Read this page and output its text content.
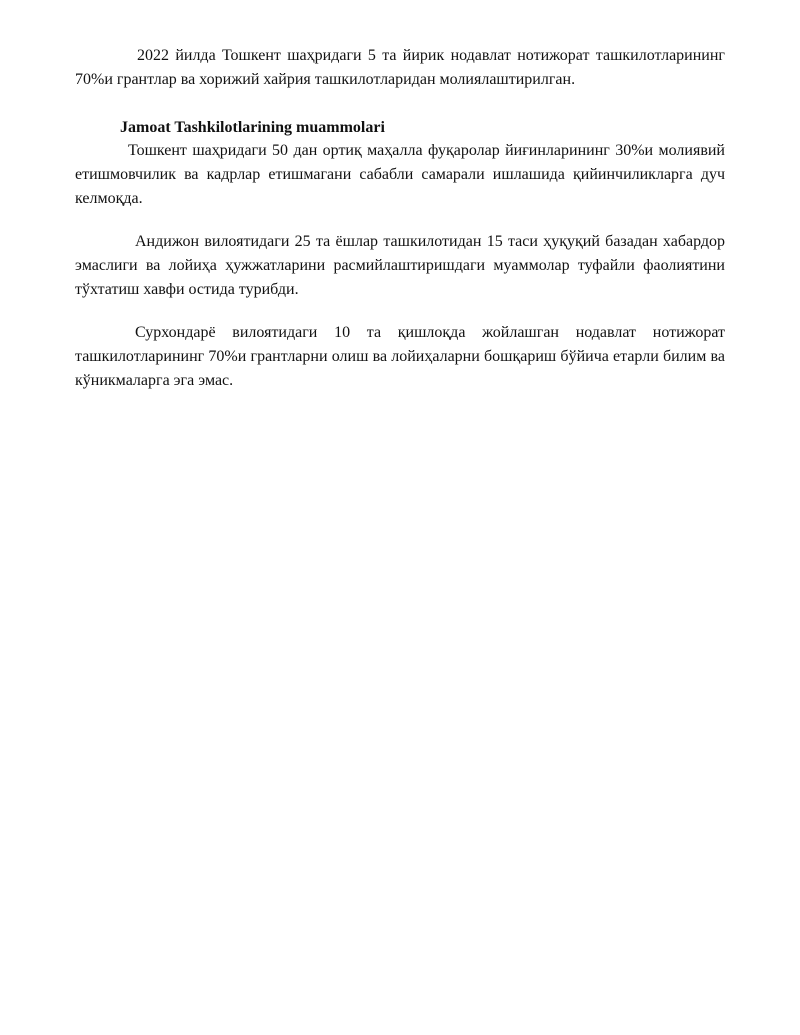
2022 йилда Тошкент шаҳридаги 5 та йирик нодавлат нотижорат ташкилотларининг 70%и грантлар ва хорижий хайрия ташкилотларидан молиялаштирилган.

Jamoat Tashkilotlarining muammolari

Тошкент шаҳридаги 50 дан ортиқ маҳалла фуқаролар йиғинларининг 30%и молиявий етишмовчилик ва кадрлар етишмагани сабабли самарали ишлашида қийинчиликларга дуч келмоқда.

Андижон вилоятидаги 25 та ёшлар ташкилотидан 15 таси ҳуқуқий базадан хабардор эмаслиги ва лойиҳа ҳужжатларини расмийлаштиришдаги муаммолар туфайли фаолиятини тўхтатиш хавфи остида турибди.

Сурхондарё вилоятидаги 10 та қишлоқда жойлашган нодавлат нотижорат ташкилотларининг 70%и грантларни олиш ва лойиҳаларни бошқариш бўйича етарли билим ва кўникмаларга эга эмас.
